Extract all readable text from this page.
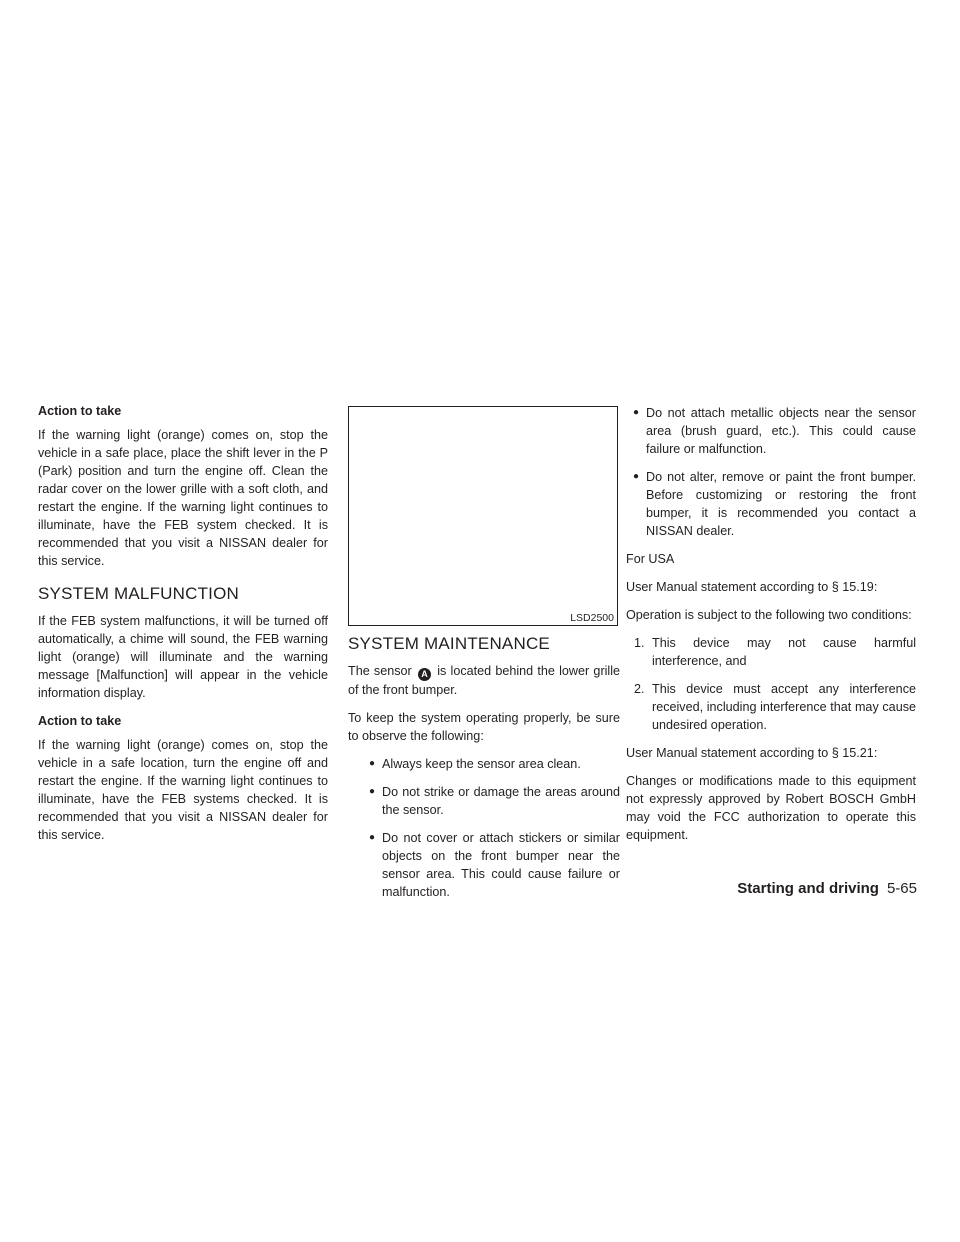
Action to take

If the warning light (orange) comes on, stop the vehicle in a safe place, place the shift lever in the P (Park) position and turn the engine off. Clean the radar cover on the lower grille with a soft cloth, and restart the engine. If the warning light continues to illuminate, have the FEB system checked. It is recommended that you visit a NISSAN dealer for this service.

SYSTEM MALFUNCTION

If the FEB system malfunctions, it will be turned off automatically, a chime will sound, the FEB warning light (orange) will illuminate and the warning message [Malfunction] will appear in the vehicle information display.

Action to take

If the warning light (orange) comes on, stop the vehicle in a safe location, turn the engine off and restart the engine. If the warning light continues to illuminate, have the FEB systems checked. It is recommended that you visit a NISSAN dealer for this service.

LSD2500
SYSTEM MAINTENANCE

The sensor A is located behind the lower grille of the front bumper.

To keep the system operating properly, be sure to observe the following:

● Always keep the sensor area clean.
● Do not strike or damage the areas around the sensor.
● Do not cover or attach stickers or similar objects on the front bumper near the sensor area. This could cause failure or malfunction.
● Do not attach metallic objects near the sensor area (brush guard, etc.). This could cause failure or malfunction.
● Do not alter, remove or paint the front bumper. Before customizing or restoring the front bumper, it is recommended you contact a NISSAN dealer.

For USA

User Manual statement according to § 15.19:

Operation is subject to the following two conditions:

1. This device may not cause harmful interference, and
2. This device must accept any interference received, including interference that may cause undesired operation.

User Manual statement according to § 15.21:

Changes or modifications made to this equipment not expressly approved by Robert BOSCH GmbH may void the FCC authorization to operate this equipment.

Starting and driving 5-65
